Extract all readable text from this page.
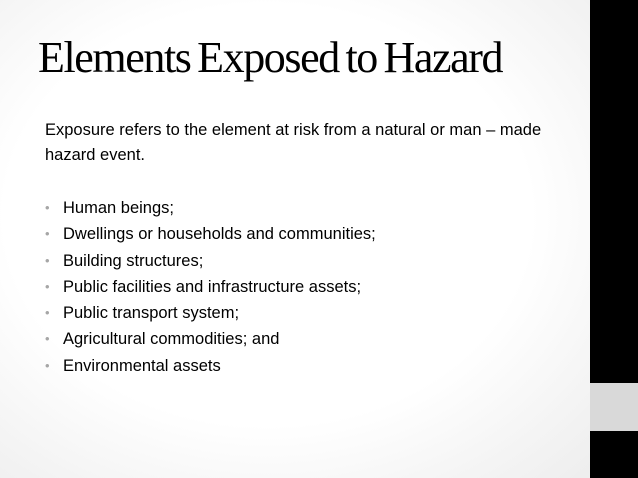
Elements Exposed to Hazard

Exposure refers to the element at risk from a natural or man – made hazard event.

• Human beings;
• Dwellings or households and communities;
• Building structures;
• Public facilities and infrastructure assets;
• Public transport system;
• Agricultural commodities; and
• Environmental assets
